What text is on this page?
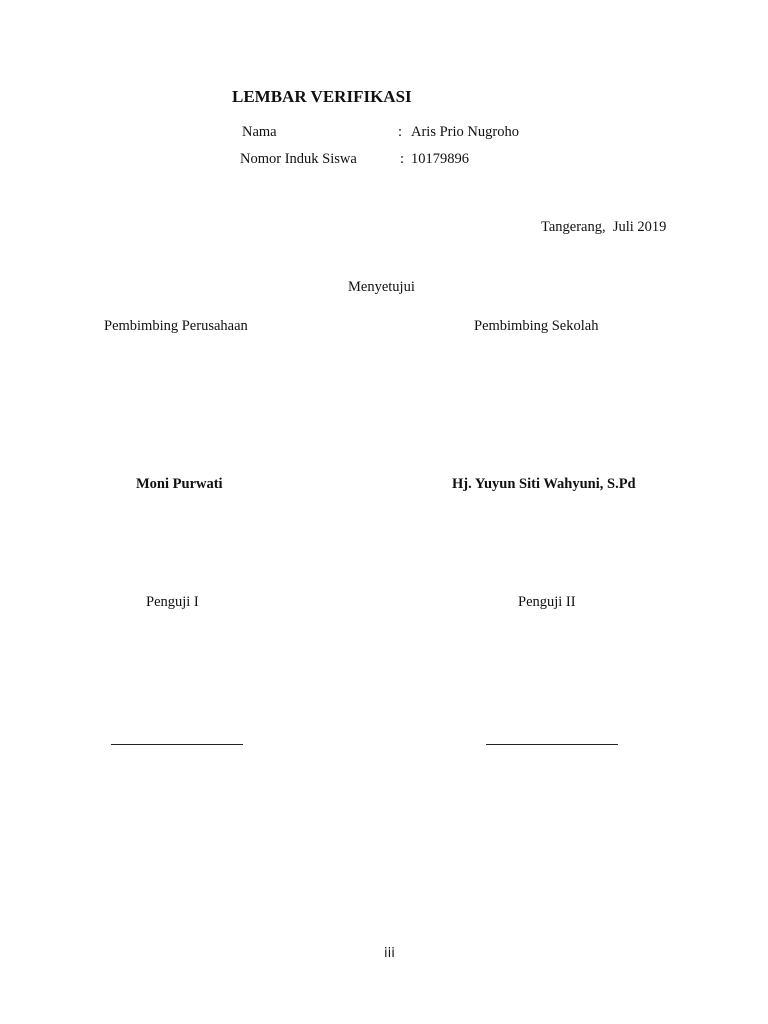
LEMBAR VERIFIKASI
Nama	: Aris Prio Nugroho
Nomor Induk Siswa	: 10179896
Tangerang,  Juli 2019
Menyetujui
Pembimbing Perusahaan	Pembimbing Sekolah
Moni Purwati	Hj. Yuyun Siti Wahyuni, S.Pd
Penguji I	Penguji II
iii
